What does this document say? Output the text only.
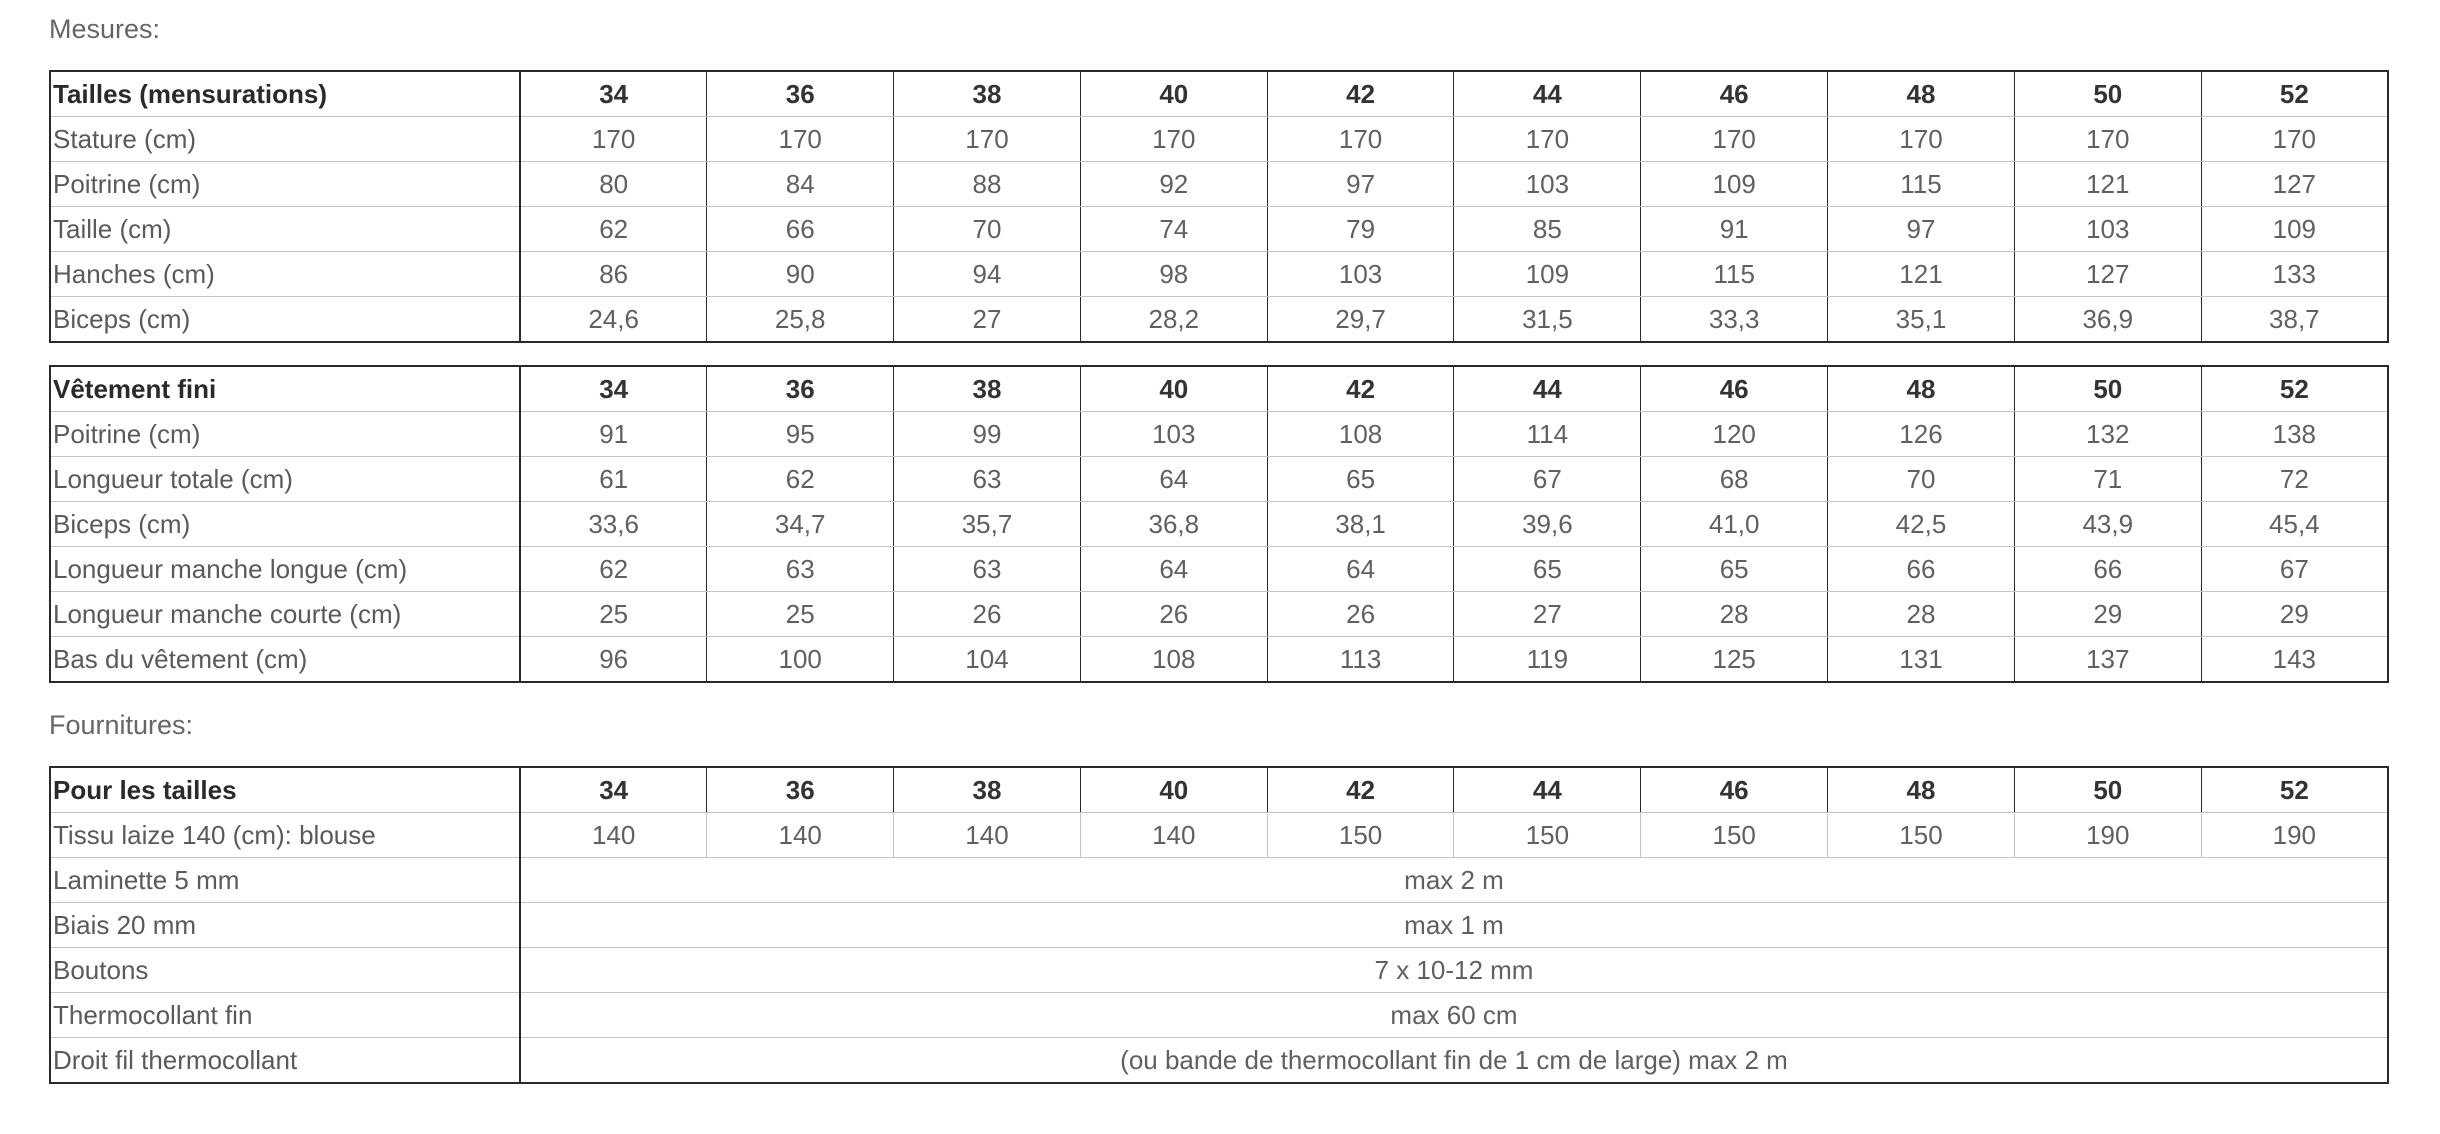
Mesures:
Tailles (mensurations)	34	36	38	40	42	44	46	48	50	52
Stature (cm)	170	170	170	170	170	170	170	170	170	170
Poitrine (cm)	80	84	88	92	97	103	109	115	121	127
Taille (cm)	62	66	70	74	79	85	91	97	103	109
Hanches (cm)	86	90	94	98	103	109	115	121	127	133
Biceps (cm)	24,6	25,8	27	28,2	29,7	31,5	33,3	35,1	36,9	38,7
Vêtement fini	34	36	38	40	42	44	46	48	50	52
Poitrine (cm)	91	95	99	103	108	114	120	126	132	138
Longueur totale (cm)	61	62	63	64	65	67	68	70	71	72
Biceps (cm)	33,6	34,7	35,7	36,8	38,1	39,6	41,0	42,5	43,9	45,4
Longueur manche longue (cm)	62	63	63	64	64	65	65	66	66	67
Longueur manche courte (cm)	25	25	26	26	26	27	28	28	29	29
Bas du vêtement (cm)	96	100	104	108	113	119	125	131	137	143
Fournitures:
Pour les tailles	34	36	38	40	42	44	46	48	50	52
Tissu laize 140 (cm): blouse	140	140	140	140	150	150	150	150	190	190
Laminette 5 mm	max 2 m									
Biais 20 mm	max 1 m									
Boutons	7 x 10-12 mm									
Thermocollant fin	max 60 cm									
Droit fil thermocollant	(ou bande de thermocollant fin de 1 cm de large) max 2 m									
